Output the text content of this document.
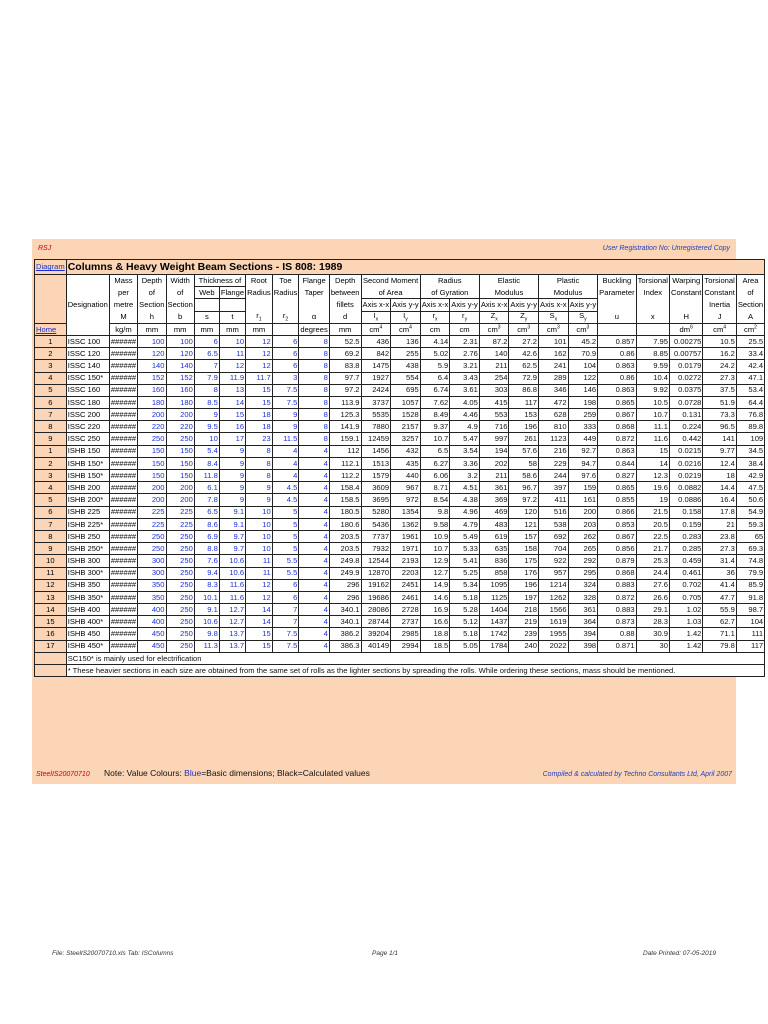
RSJ	User Registration No: Unregistered Copy
Diagram	Columns & Heavy Weight Beam Sections - IS 808: 1989																						
		Mass	Depth	Width	Thickness of		Root	Toe	Flange	Depth	Second Moment		Radius		Elastic		Plastic		Buckling	Torsional	Warping	Torsional	Area
		per	of	of	Web	Flange	Radius	Radius	Taper	between	of Area		of Gyration		Modulus		Modulus		Parameter	Index	Constant	Constant	of
	Designation	metre	Section	Section						fillets	Axis x-x	Axis y-y	Axis x-x	Axis y-y	Axis x-x	Axis y-y	Axis x-x	Axis y-y				Inertia	Section
		M	h	b	s	t	$r_1$	$r_2$	α	d	$I_x$	$I_y$	$r_x$	$r_y$	$Z_x$	$Z_y$	$S_x$	$S_y$	u	x	H	J	A
Home		kg/m	mm	mm	mm	mm	mm		degrees	mm	$cm^4$	$cm^4$	cm	cm	$cm^3$	$cm^3$	$cm^3$	$cm^3$			$dm^6$	$cm^4$	$cm^2$
1	ISSC 100	######	100	100	6	10	12	6	8	52.5	436	136	4.14	2.31	87.2	27.2	101	45.2	0.857	7.95	0.00275	10.5	25.5
2	ISSC 120	######	120	120	6.5	11	12	6	8	69.2	842	255	5.02	2.76	140	42.6	162	70.9	0.86	8.85	0.00757	16.2	33.4
3	ISSC 140	######	140	140	7	12	12	6	8	83.8	1475	438	5.9	3.21	211	62.5	241	104	0.863	9.59	0.0179	24.2	42.4
4	ISSC 150*	######	152	152	7.9	11.9	11.7	3	8	97.7	1927	554	6.4	3.43	254	72.9	289	122	0.86	10.4	0.0272	27.3	47.1
5	ISSC 160	######	160	160	8	13	15	7.5	8	97.2	2424	695	6.74	3.61	303	86.8	346	146	0.863	9.92	0.0375	37.5	53.4
6	ISSC 180	######	180	180	8.5	14	15	7.5	8	113.9	3737	1057	7.62	4.05	415	117	472	198	0.865	10.5	0.0728	51.9	64.4
7	ISSC 200	######	200	200	9	15	18	9	8	125.3	5535	1528	8.49	4.46	553	153	628	259	0.867	10.7	0.131	73.3	76.8
8	ISSC 220	######	220	220	9.5	16	18	9	8	141.9	7880	2157	9.37	4.9	716	196	810	333	0.868	11.1	0.224	96.5	89.8
9	ISSC 250	######	250	250	10	17	23	11.5	8	159.1	12459	3257	10.7	5.47	997	261	1123	449	0.872	11.6	0.442	141	109
1	ISHB 150	######	150	150	5.4	9	8	4	4	112	1456	432	6.5	3.54	194	57.6	216	92.7	0.863	15	0.0215	9.77	34.5
2	ISHB 150*	######	150	150	8.4	9	8	4	4	112.1	1513	435	6.27	3.36	202	58	229	94.7	0.844	14	0.0216	12.4	38.4
3	ISHB 150*	######	150	150	11.8	9	8	4	4	112.2	1579	440	6.06	3.2	211	58.6	244	97.6	0.827	12.3	0.0219	18	42.9
4	ISHB 200	######	200	200	6.1	9	9	4.5	4	158.4	3609	967	8.71	4.51	361	96.7	397	159	0.865	19.6	0.0882	14.4	47.5
5	ISHB 200*	######	200	200	7.8	9	9	4.5	4	158.5	3695	972	8.54	4.38	369	97.2	411	161	0.855	19	0.0886	16.4	50.6
6	ISHB 225	######	225	225	6.5	9.1	10	5	4	180.5	5280	1354	9.8	4.96	469	120	516	200	0.866	21.5	0.158	17.8	54.9
7	ISHB 225*	######	225	225	8.6	9.1	10	5	4	180.6	5436	1362	9.58	4.79	483	121	538	203	0.853	20.5	0.159	21	59.3
8	ISHB 250	######	250	250	6.9	9.7	10	5	4	203.5	7737	1961	10.9	5.49	619	157	692	262	0.867	22.5	0.283	23.8	65
9	ISHB 250*	######	250	250	8.8	9.7	10	5	4	203.5	7932	1971	10.7	5.33	635	158	704	265	0.856	21.7	0.285	27.3	69.3
10	ISHB 300	######	300	250	7.6	10.6	11	5.5	4	249.8	12544	2193	12.9	5.41	836	175	922	292	0.879	25.3	0.459	31.4	74.8
11	ISHB 300*	######	300	250	9.4	10.6	11	5.5	4	249.9	12870	2203	12.7	5.25	858	176	957	295	0.868	24.4	0.461	36	79.9
12	ISHB 350	######	350	250	8.3	11.6	12	6	4	296	19162	2451	14.9	5.34	1095	196	1214	324	0.883	27.6	0.702	41.4	85.9
13	ISHB 350*	######	350	250	10.1	11.6	12	6	4	296	19686	2461	14.6	5.18	1125	197	1262	328	0.872	26.6	0.705	47.7	91.8
14	ISHB 400	######	400	250	9.1	12.7	14	7	4	340.1	28086	2728	16.9	5.28	1404	218	1566	361	0.883	29.1	1.02	55.9	98.7
15	ISHB 400*	######	400	250	10.6	12.7	14	7	4	340.1	28744	2737	16.6	5.12	1437	219	1619	364	0.873	28.3	1.03	62.7	104
16	ISHB 450	######	450	250	9.8	13.7	15	7.5	4	386.2	39204	2985	18.8	5.18	1742	239	1955	394	0.88	30.9	1.42	71.1	111
17	ISHB 450*	######	450	250	11.3	13.7	15	7.5	4	386.3	40149	2994	18.5	5.05	1784	240	2022	398	0.871	30	1.42	79.8	117
	SC150* is mainly used for electrification																						
	* These heavier sections in each size are obtained from the same set of rolls as the lighter sections by spreading the rolls. While ordering these sections, mass should be mentioned.																						
SteelIS20070710 Note: Value Colours: Blue=Basic dimensions; Black=Calculated values	Compiled & calculated by Techno Consultants Ltd, April 2007
File: SteelIS20070710.xls Tab: ISColumns	Page 1/1	Date Printed: 07-05-2019
